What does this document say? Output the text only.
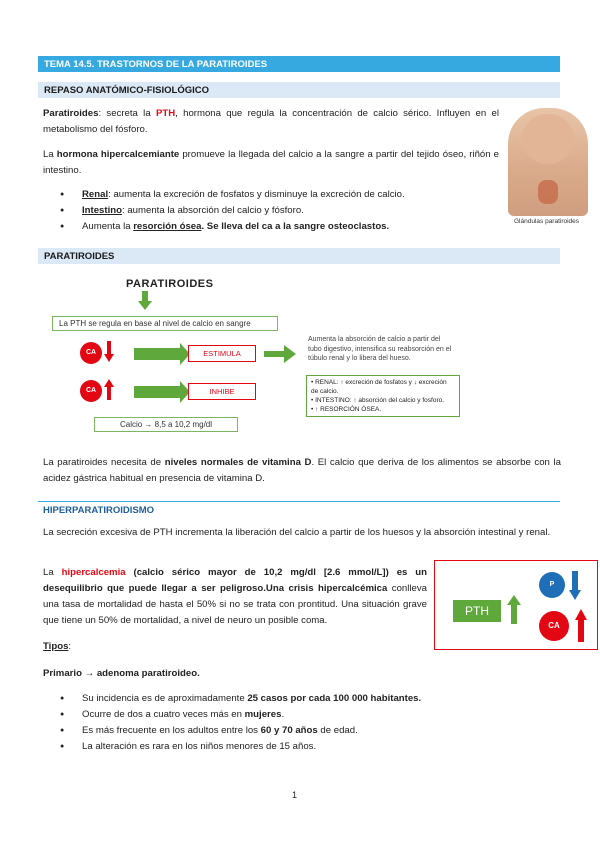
TEMA 14.5. TRASTORNOS DE LA PARATIROIDES
REPASO ANATÓMICO-FISIOLÓGICO

Paratiroides: secreta la PTH, hormona que regula la concentración de calcio sérico. Influyen en el metabolismo del fósforo.

La hormona hipercalcemiante promueve la llegada del calcio a la sangre a partir del tejido óseo, riñón e intestino.

● Renal: aumenta la excreción de fosfatos y disminuye la excreción de calcio.
● Intestino: aumenta la absorción del calcio y fósforo.
● Aumenta la resorción ósea. Se lleva del ca a la sangre osteoclastos.	Glándulas paratiroides
PARATIROIDES
PARATIROIDES
La PTH se regula en base al nivel de calcio en sangre
CA	ESTIMULA
Aumenta la absorción de calcio a partir del
tubo digestivo, intensifica su reabsorción en el
túbulo renal y lo libera del hueso.
CA	INHIBE
• RENAL: ↑ excreción de fosfatos y ↓ excreción de calcio.
• INTESTINO: ↑ absorción del calcio y fosforo.
• ↑ RESORCIÓN ÓSEA.
Calcio → 8,5 a 10,2 mg/dl

La paratiroides necesita de niveles normales de vitamina D. El calcio que deriva de los alimentos se absorbe con la acidez gástrica habitual en presencia de vitamina D.

HIPERPARATIROIDISMO

La secreción excesiva de PTH incrementa la liberación del calcio a partir de los huesos y la absorción intestinal y renal.

La hipercalcemia (calcio sérico mayor de 10,2 mg/dl [2.6 mmol/L]) es un desequilibrio que puede llegar a ser peligroso.Una crisis hipercalcémica conlleva una tasa de mortalidad de hasta el 50% si no se trata con prontitud. Una situación grave que tiene un 50% de mortalidad, a nivel de neuro un posible coma.

PTH
P
CA

Tipos:

Primario → adenoma paratiroideo.

● Su incidencia es de aproximadamente 25 casos por cada 100 000 habitantes.
● Ocurre de dos a cuatro veces más en mujeres.
● Es más frecuente en los adultos entre los 60 y 70 años de edad.
● La alteración es rara en los niños menores de 15 años.
1
